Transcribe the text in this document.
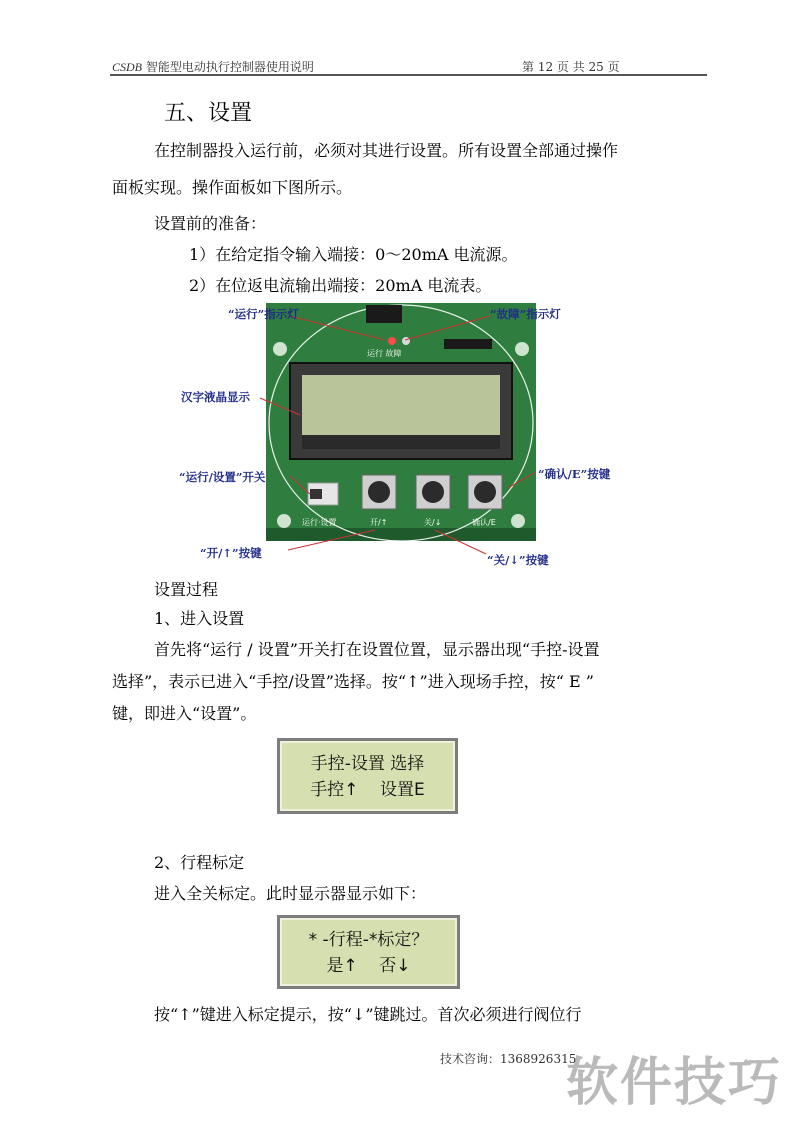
CSDB 智能型电动执行控制器使用说明	第 12 页 共 25 页
五、设置
在控制器投入运行前，必须对其进行设置。所有设置全部通过操作
面板实现。操作面板如下图所示。
设置前的准备：
1）在给定指令输入端接：0～20mA 电流源。
2）在位返电流输出端接：20mA 电流表。
运行 故障
运行·设置	开/↑	关/↓	确认/E
“运行”指示灯	“故障”指示灯
汉字液晶显示
“运行/设置”开关	“确认/E”按键
“开/↑”按键	“关/↓”按键
设置过程
1、进入设置
首先将“运行 / 设置”开关打在设置位置，显示器出现“手控-设置
选择”，表示已进入“手控/设置”选择。按“↑”进入现场手控，按“ E ”
键，即进入“设置”。
手控-设置 选择
手控↑    设置E
2、行程标定
进入全关标定。此时显示器显示如下：
* -行程-*标定？
是↑    否↓
按“↑”键进入标定提示，按“↓”键跳过。首次必须进行阀位行
技术咨询：1368926315
软件技巧
